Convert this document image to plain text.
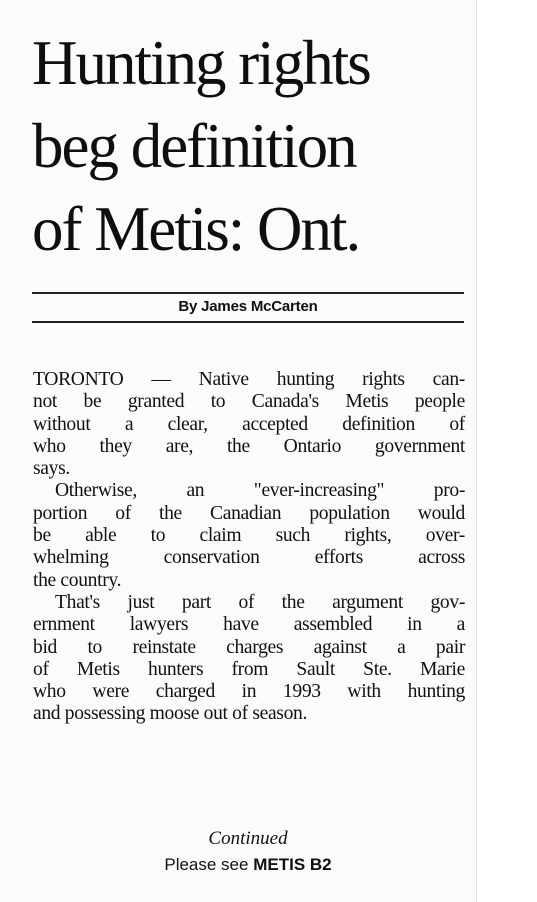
Hunting rights
beg definition
of Metis: Ont.
By James McCarten
TORONTO — Native hunting rights can-
not be granted to Canada's Metis people
without a clear, accepted definition of
who they are, the Ontario government
says.
Otherwise, an "ever-increasing" pro-
portion of the Canadian population would
be able to claim such rights, over-
whelming conservation efforts across
the country.
That's just part of the argument gov-
ernment lawyers have assembled in a
bid to reinstate charges against a pair
of Metis hunters from Sault Ste. Marie
who were charged in 1993 with hunting
and possessing moose out of season.
Continued
Please see METIS B2
